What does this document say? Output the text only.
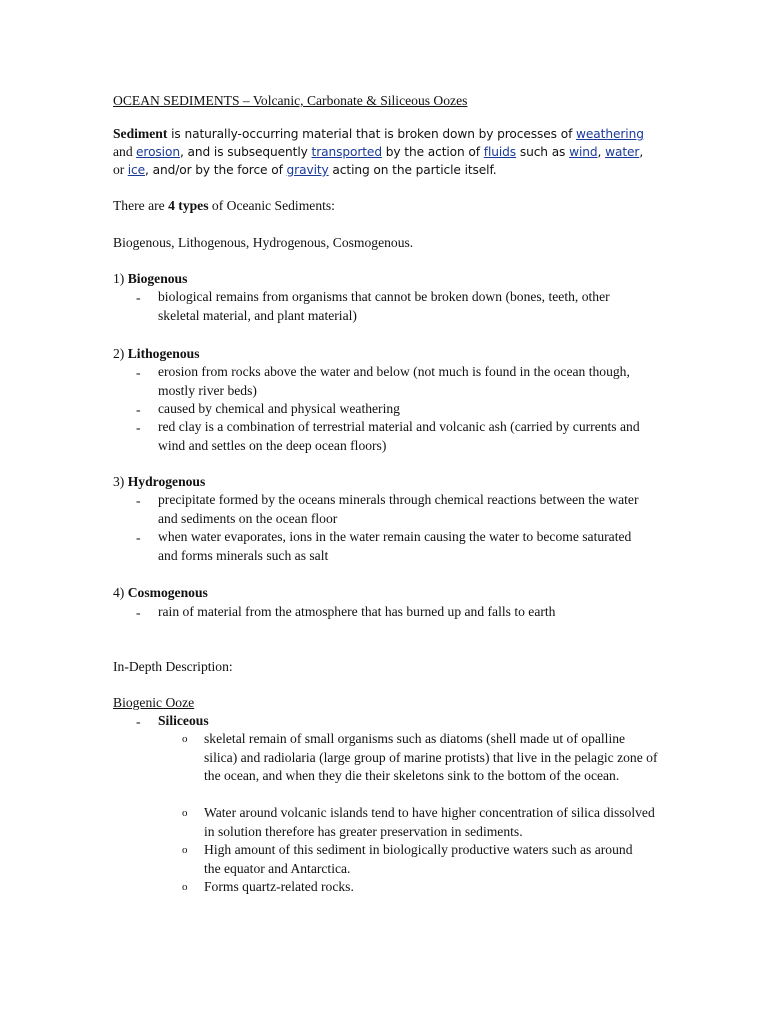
OCEAN SEDIMENTS – Volcanic, Carbonate & Siliceous Oozes
Sediment is naturally-occurring material that is broken down by processes of weathering
and erosion, and is subsequently transported by the action of fluids such as wind, water,
or ice, and/or by the force of gravity acting on the particle itself.
There are 4 types of Oceanic Sediments:
Biogenous, Lithogenous, Hydrogenous, Cosmogenous.
1) Biogenous
-	biological remains from organisms that cannot be broken down (bones, teeth, other skeletal material, and plant material)
2) Lithogenous
-	erosion from rocks above the water and below (not much is found in the ocean though, mostly river beds)
-	caused by chemical and physical weathering
-	red clay is a combination of terrestrial material and volcanic ash (carried by currents and wind and settles on the deep ocean floors)
3) Hydrogenous
-	precipitate formed by the oceans minerals through chemical reactions between the water and sediments on the ocean floor
-	when water evaporates, ions in the water remain causing the water to become saturated and forms minerals such as salt
4) Cosmogenous
-	rain of material from the atmosphere that has burned up and falls to earth
In-Depth Description:
Biogenic Ooze
-	Siliceous
o	skeletal remain of small organisms such as diatoms (shell made ut of opalline silica) and radiolaria (large group of marine protists) that live in the pelagic zone of the ocean, and when they die their skeletons sink to the bottom of the ocean.
o	Water around volcanic islands tend to have higher concentration of silica dissolved in solution therefore has greater preservation in sediments.
o	High amount of this sediment in biologically productive waters such as around the equator and Antarctica.
o	Forms quartz-related rocks.
